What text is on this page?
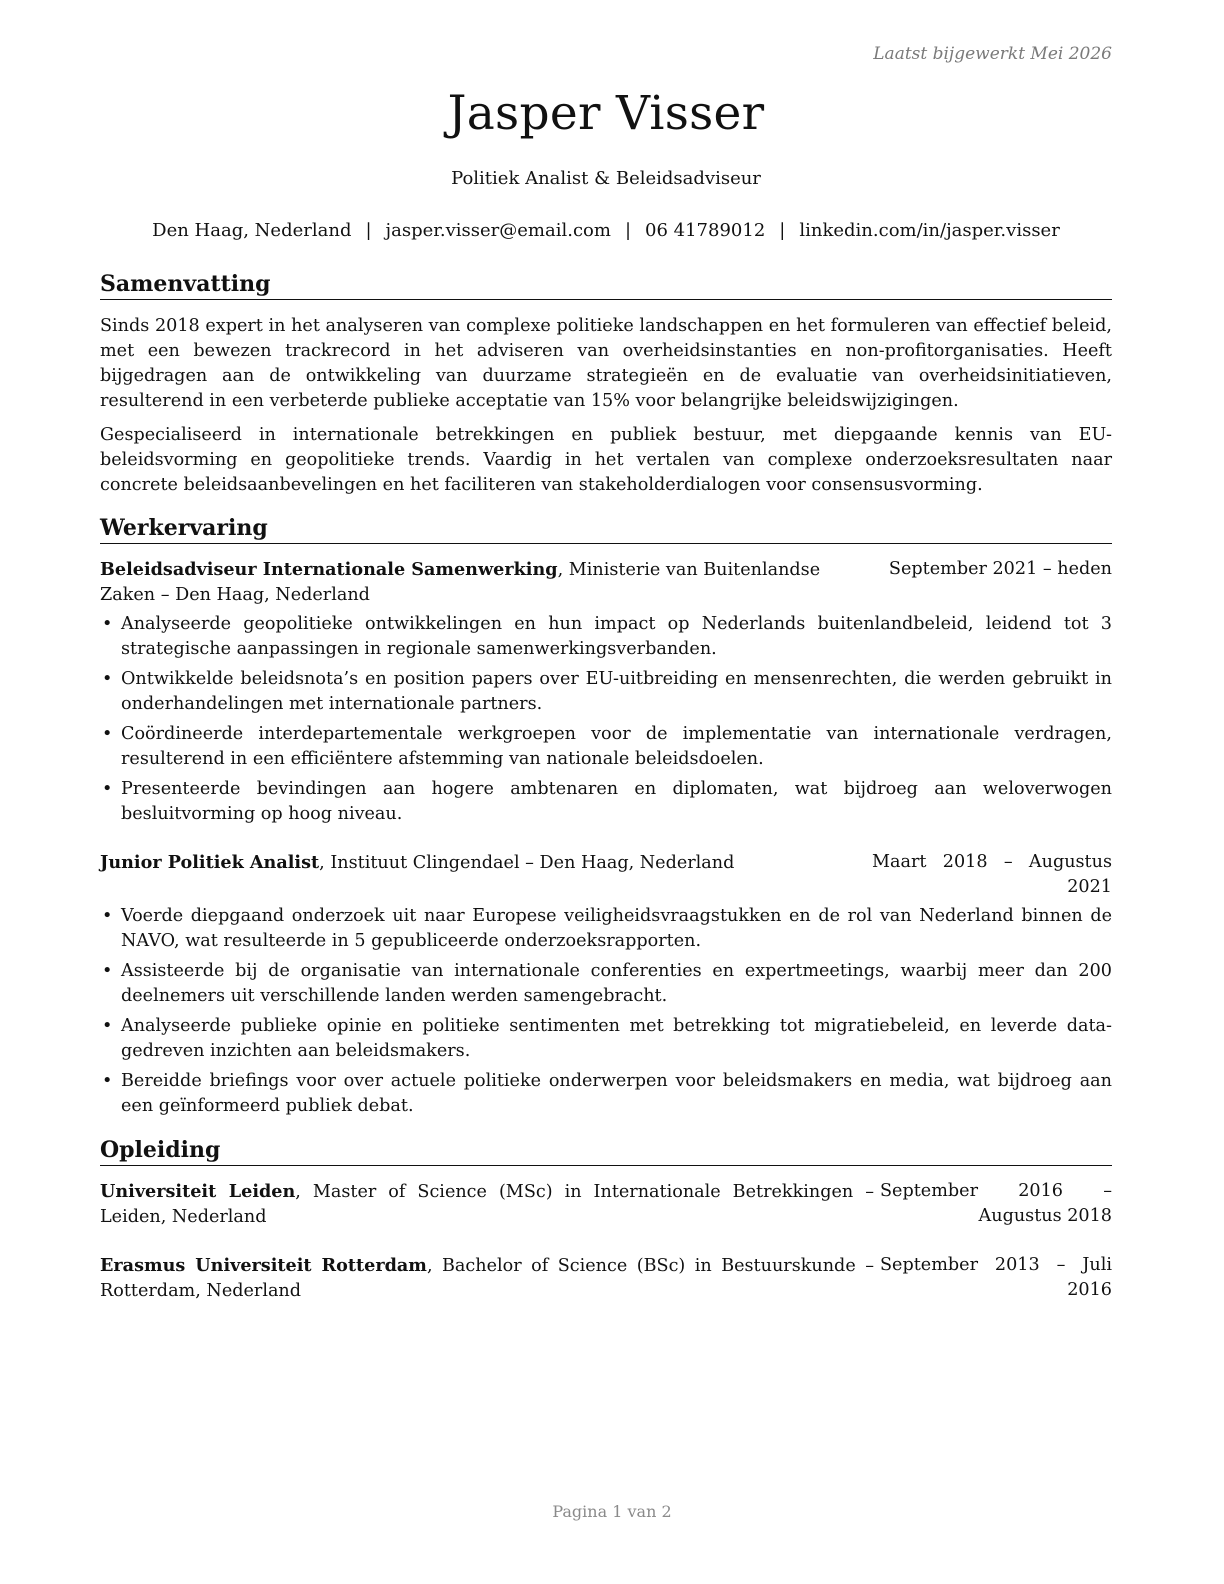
Laatst bijgewerkt Mei 2026
Jasper Visser
Politiek Analist & Beleidsadviseur
Den Haag, Nederland | jasper.visser@email.com | 06 41789012 | linkedin.com/in/jasper.visser
Samenvatting
Sinds 2018 expert in het analyseren van complexe politieke landschappen en het formuleren van effectief beleid, met een bewezen trackrecord in het adviseren van overheidsinstanties en non-profitorganisaties. Heeft bijgedragen aan de ontwikkeling van duurzame strategieën en de evaluatie van overheidsinitiatieven, resulterend in een verbeterde publieke acceptatie van 15% voor belangrijke beleidswijzigingen.
Gespecialiseerd in internationale betrekkingen en publiek bestuur, met diepgaande kennis van EU-beleidsvorming en geopolitieke trends. Vaardig in het vertalen van complexe onderzoeksresultaten naar concrete beleidsaanbevelingen en het faciliteren van stakeholderdialogen voor consensusvorming.
Werkervaring
Beleidsadviseur Internationale Samenwerking, Ministerie van Buitenlandse Zaken – Den Haag, Nederland
September 2021 – heden
• Analyseerde geopolitieke ontwikkelingen en hun impact op Nederlands buitenlandbeleid, leidend tot 3 strategische aanpassingen in regionale samenwerkingsverbanden.
• Ontwikkelde beleidsnota’s en position papers over EU-uitbreiding en mensenrechten, die werden gebruikt in onderhandelingen met internationale partners.
• Coördineerde interdepartementale werkgroepen voor de implementatie van internationale verdragen, resulterend in een efficiëntere afstemming van nationale beleidsdoelen.
• Presenteerde bevindingen aan hogere ambtenaren en diplomaten, wat bijdroeg aan weloverwogen besluitvorming op hoog niveau.
Junior Politiek Analist, Instituut Clingendael – Den Haag, Nederland	Maart 2018 – Augustus 2021
• Voerde diepgaand onderzoek uit naar Europese veiligheidsvraagstukken en de rol van Nederland binnen de NAVO, wat resulteerde in 5 gepubliceerde onderzoeksrapporten.
• Assisteerde bij de organisatie van internationale conferenties en expertmeetings, waarbij meer dan 200 deelnemers uit verschillende landen werden samengebracht.
• Analyseerde publieke opinie en politieke sentimenten met betrekking tot migratiebeleid, en leverde data-gedreven inzichten aan beleidsmakers.
• Bereidde briefings voor over actuele politieke onderwerpen voor beleidsmakers en media, wat bijdroeg aan een geïnformeerd publiek debat.
Opleiding
Universiteit Leiden, Master of Science (MSc) in Internationale Betrekkingen – Leiden, Nederland
September 2016 – Augustus 2018
Erasmus Universiteit Rotterdam, Bachelor of Science (BSc) in Bestuurskunde – Rotterdam, Nederland
September 2013 – Juli 2016
Pagina 1 van 2
